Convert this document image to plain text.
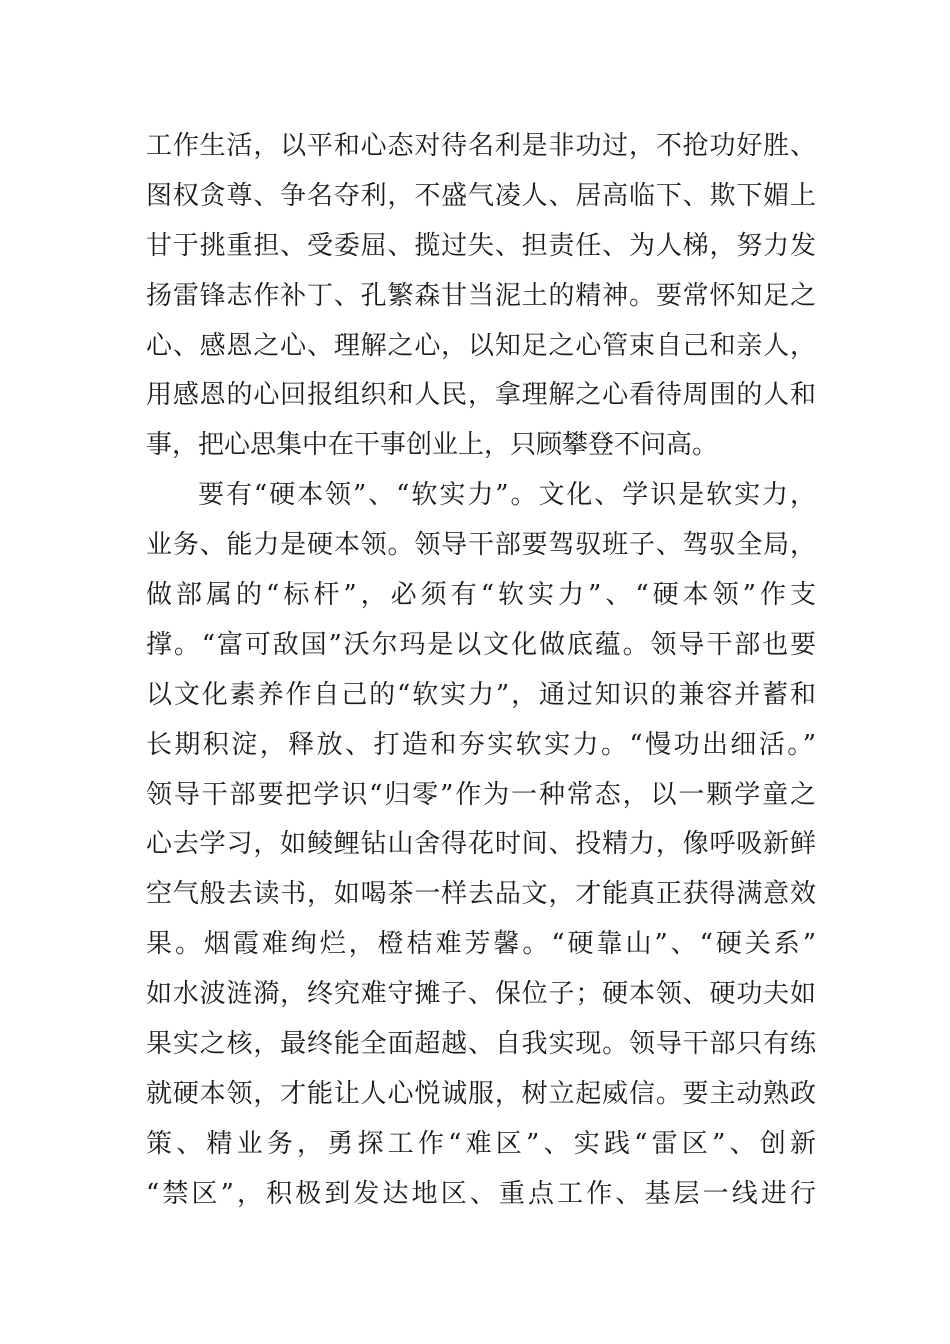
工作生活，以平和心态对待名利是非功过，不抢功好胜、
图权贪尊、争名夺利，不盛气凌人、居高临下、欺下媚上
甘于挑重担、受委屈、揽过失、担责任、为人梯，努力发
扬雷锋志作补丁、孔繁森甘当泥土的精神。要常怀知足之
心、感恩之心、理解之心，以知足之心管束自己和亲人，
用感恩的心回报组织和人民，拿理解之心看待周围的人和
事，把心思集中在干事创业上，只顾攀登不问高。
要有“硬本领”、“软实力”。文化、学识是软实力，
业务、能力是硬本领。领导干部要驾驭班子、驾驭全局，
做部属的“标杆”，必须有“软实力”、“硬本领”作支
撑。“富可敌国”沃尔玛是以文化做底蕴。领导干部也要
以文化素养作自己的“软实力”，通过知识的兼容并蓄和
长期积淀，释放、打造和夯实软实力。“慢功出细活。”
领导干部要把学识“归零”作为一种常态，以一颗学童之
心去学习，如鲮鲤钻山舍得花时间、投精力，像呼吸新鲜
空气般去读书，如喝茶一样去品文，才能真正获得满意效
果。烟霞难绚烂，橙桔难芳馨。“硬靠山”、“硬关系”
如水波涟漪，终究难守摊子、保位子；硬本领、硬功夫如
果实之核，最终能全面超越、自我实现。领导干部只有练
就硬本领，才能让人心悦诚服，树立起威信。要主动熟政
策、精业务，勇探工作“难区”、实践“雷区”、创新
“禁区”，积极到发达地区、重点工作、基层一线进行
